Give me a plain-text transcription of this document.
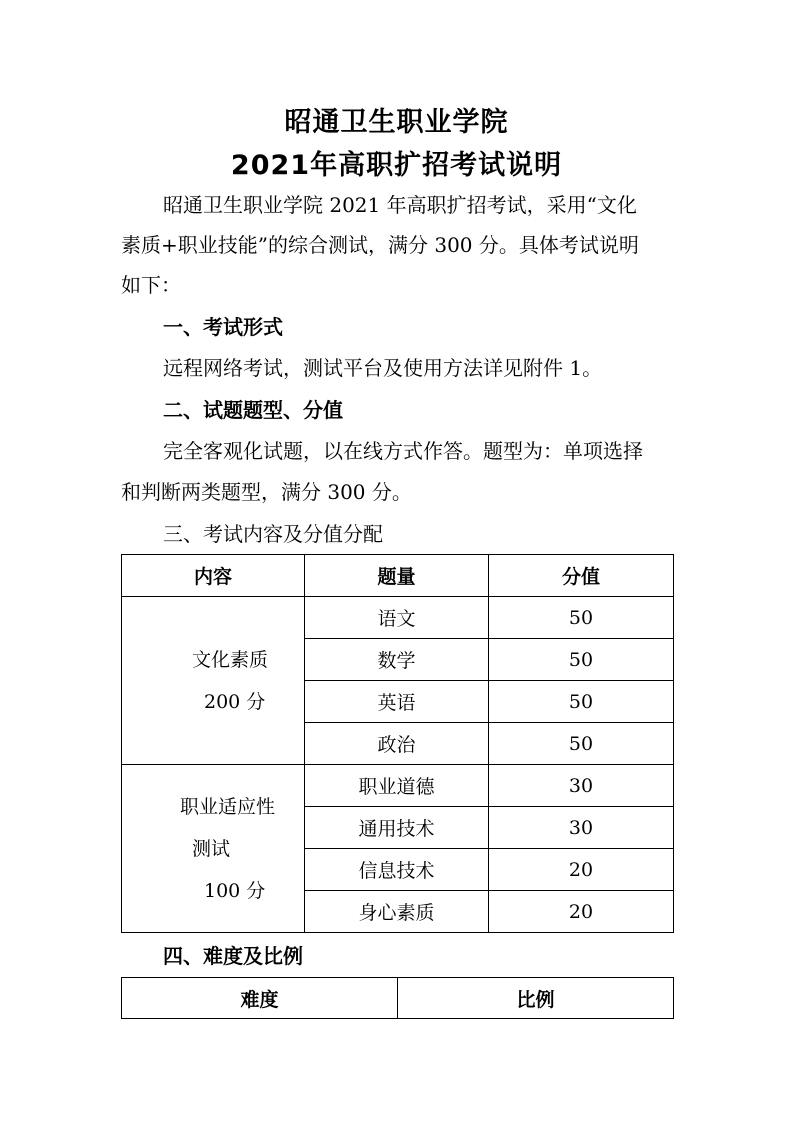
昭通卫生职业学院
2021年高职扩招考试说明
昭通卫生职业学院 2021 年高职扩招考试，采用“文化
素质+职业技能”的综合测试，满分 300 分。具体考试说明
如下：
一、考试形式
远程网络考试，测试平台及使用方法详见附件 1。
二、试题题型、分值
完全客观化试题，以在线方式作答。题型为：单项选择
和判断两类题型，满分 300 分。
三、考试内容及分值分配
内容	题量	分值

文化素质
200 分	语文	50
	数学	50
	英语	50
	政治	50

职业适应性
测试
100 分	职业道德	30
	通用技术	30
	信息技术	20
	身心素质	20
四、难度及比例
难度	比例
